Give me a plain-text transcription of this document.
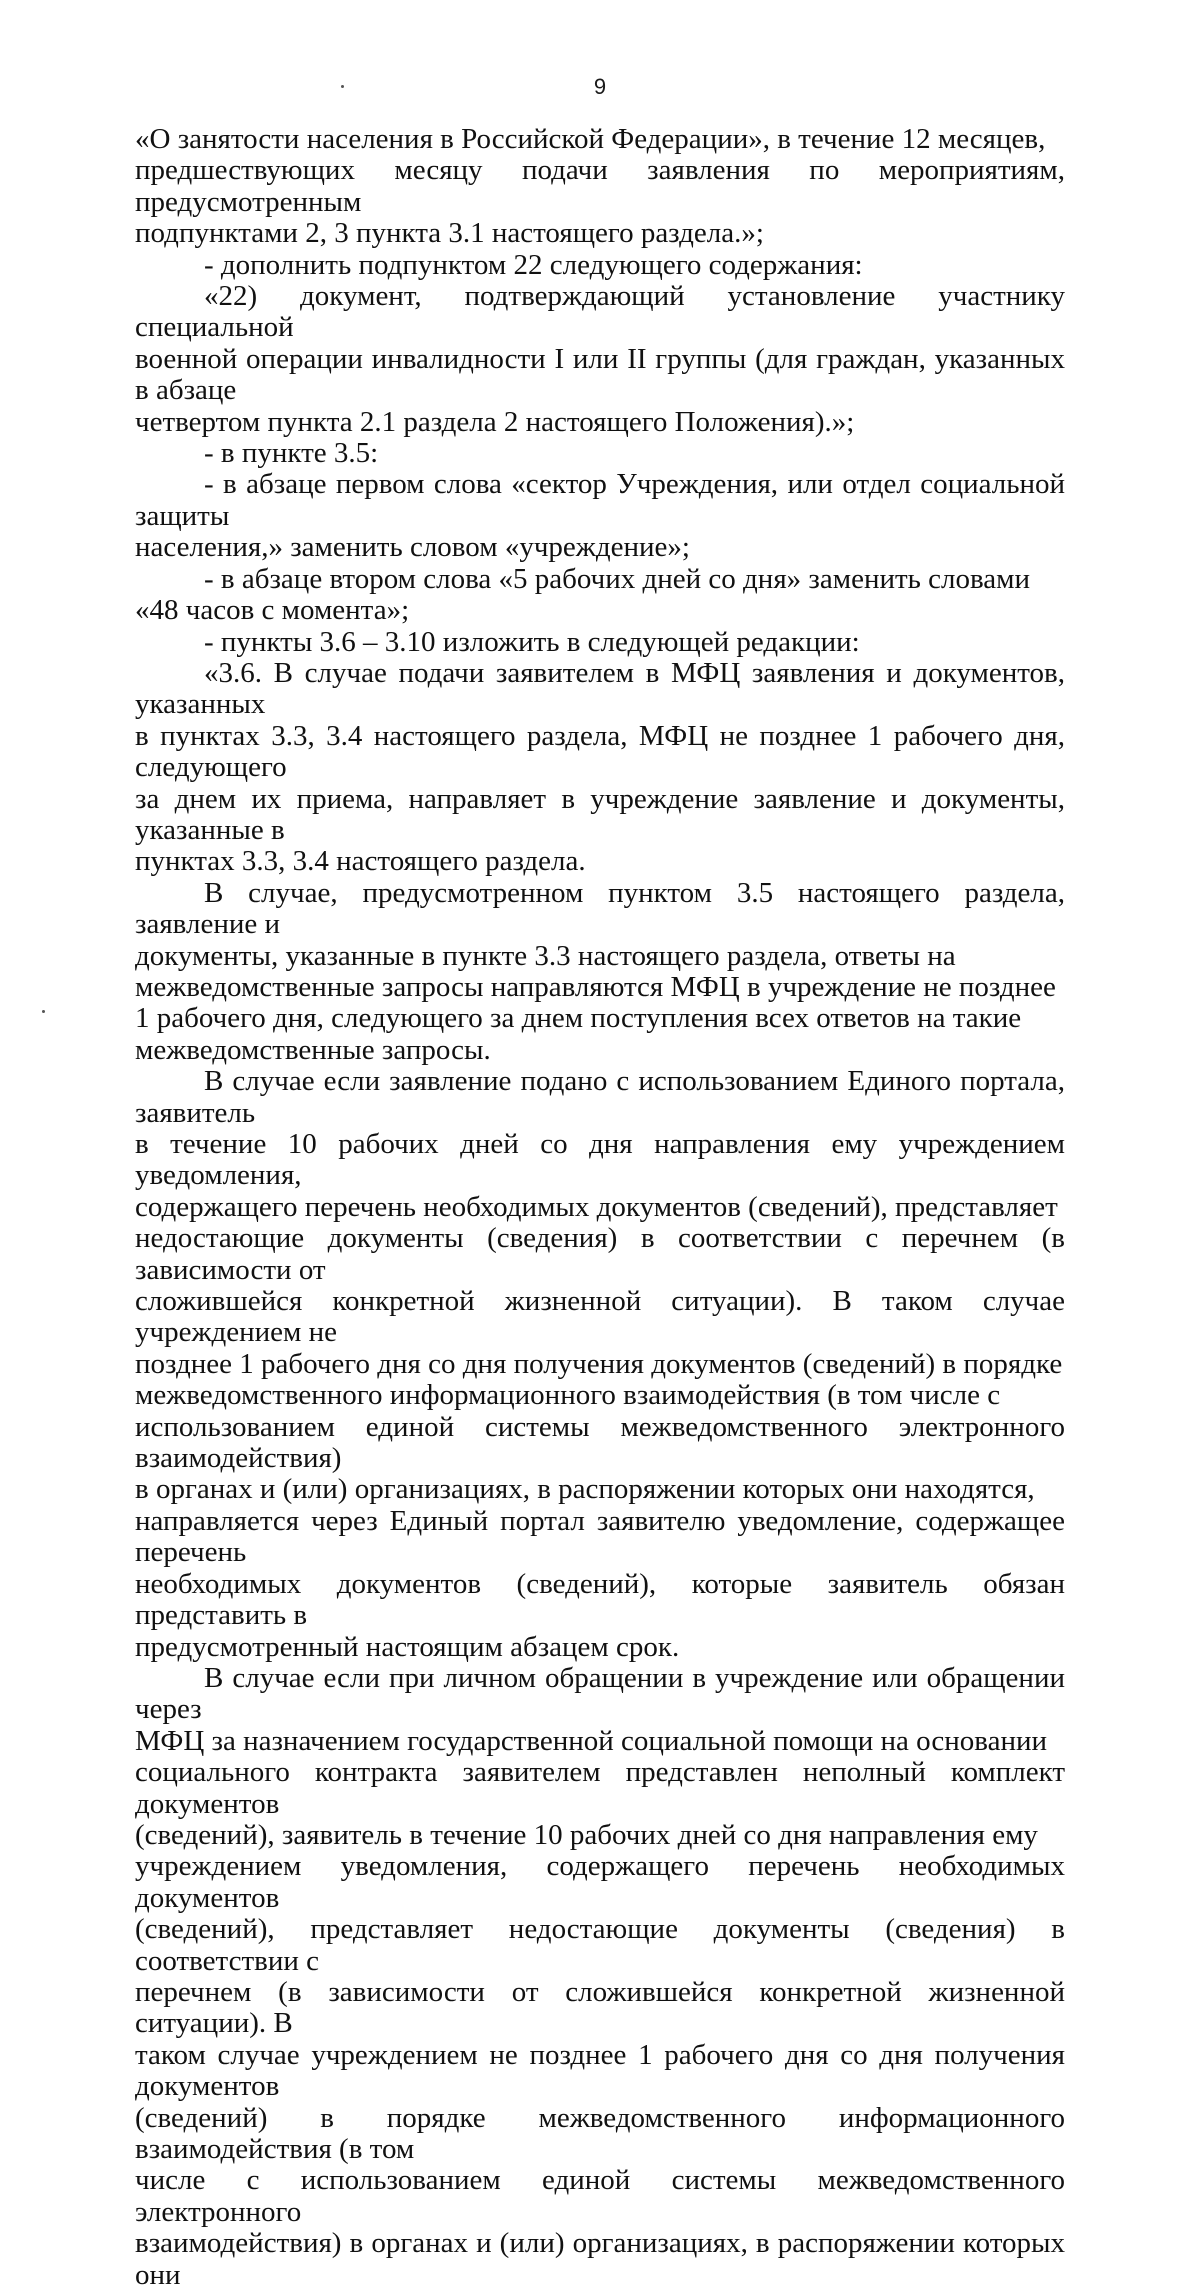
9

«О занятости населения в Российской Федерации», в течение 12 месяцев,
предшествующих месяцу подачи заявления по мероприятиям, предусмотренным
подпунктами 2, 3 пункта 3.1 настоящего раздела.»;

- дополнить подпунктом 22 следующего содержания:

«22) документ, подтверждающий установление участнику специальной
военной операции инвалидности I или II группы (для граждан, указанных в абзаце
четвертом пункта 2.1 раздела 2 настоящего Положения).»;

- в пункте 3.5:

- в абзаце первом слова «сектор Учреждения, или отдел социальной защиты
населения,» заменить словом «учреждение»;

- в абзаце втором слова «5 рабочих дней со дня» заменить словами
«48 часов с момента»;

- пункты 3.6 – 3.10 изложить в следующей редакции:

«3.6. В случае подачи заявителем в МФЦ заявления и документов, указанных
в пунктах 3.3, 3.4 настоящего раздела, МФЦ не позднее 1 рабочего дня, следующего
за днем их приема, направляет в учреждение заявление и документы, указанные в
пунктах 3.3, 3.4 настоящего раздела.

В случае, предусмотренном пунктом 3.5 настоящего раздела, заявление и
документы, указанные в пункте 3.3 настоящего раздела, ответы на
межведомственные запросы направляются МФЦ в учреждение не позднее
1 рабочего дня, следующего за днем поступления всех ответов на такие
межведомственные запросы.

В случае если заявление подано с использованием Единого портала, заявитель
в течение 10 рабочих дней со дня направления ему учреждением уведомления,
содержащего перечень необходимых документов (сведений), представляет
недостающие документы (сведения) в соответствии с перечнем (в зависимости от
сложившейся конкретной жизненной ситуации). В таком случае учреждением не
позднее 1 рабочего дня со дня получения документов (сведений) в порядке
межведомственного информационного взаимодействия (в том числе с
использованием единой системы межведомственного электронного взаимодействия)
в органах и (или) организациях, в распоряжении которых они находятся,
направляется через Единый портал заявителю уведомление, содержащее перечень
необходимых документов (сведений), которые заявитель обязан представить в
предусмотренный настоящим абзацем срок.

В случае если при личном обращении в учреждение или обращении через
МФЦ за назначением государственной социальной помощи на основании
социального контракта заявителем представлен неполный комплект документов
(сведений), заявитель в течение 10 рабочих дней со дня направления ему
учреждением уведомления, содержащего перечень необходимых документов
(сведений), представляет недостающие документы (сведения) в соответствии с
перечнем (в зависимости от сложившейся конкретной жизненной ситуации). В
таком случае учреждением не позднее 1 рабочего дня со дня получения документов
(сведений) в порядке межведомственного информационного взаимодействия (в том
числе с использованием единой системы межведомственного электронного
взаимодействия) в органах и (или) организациях, в распоряжении которых они
